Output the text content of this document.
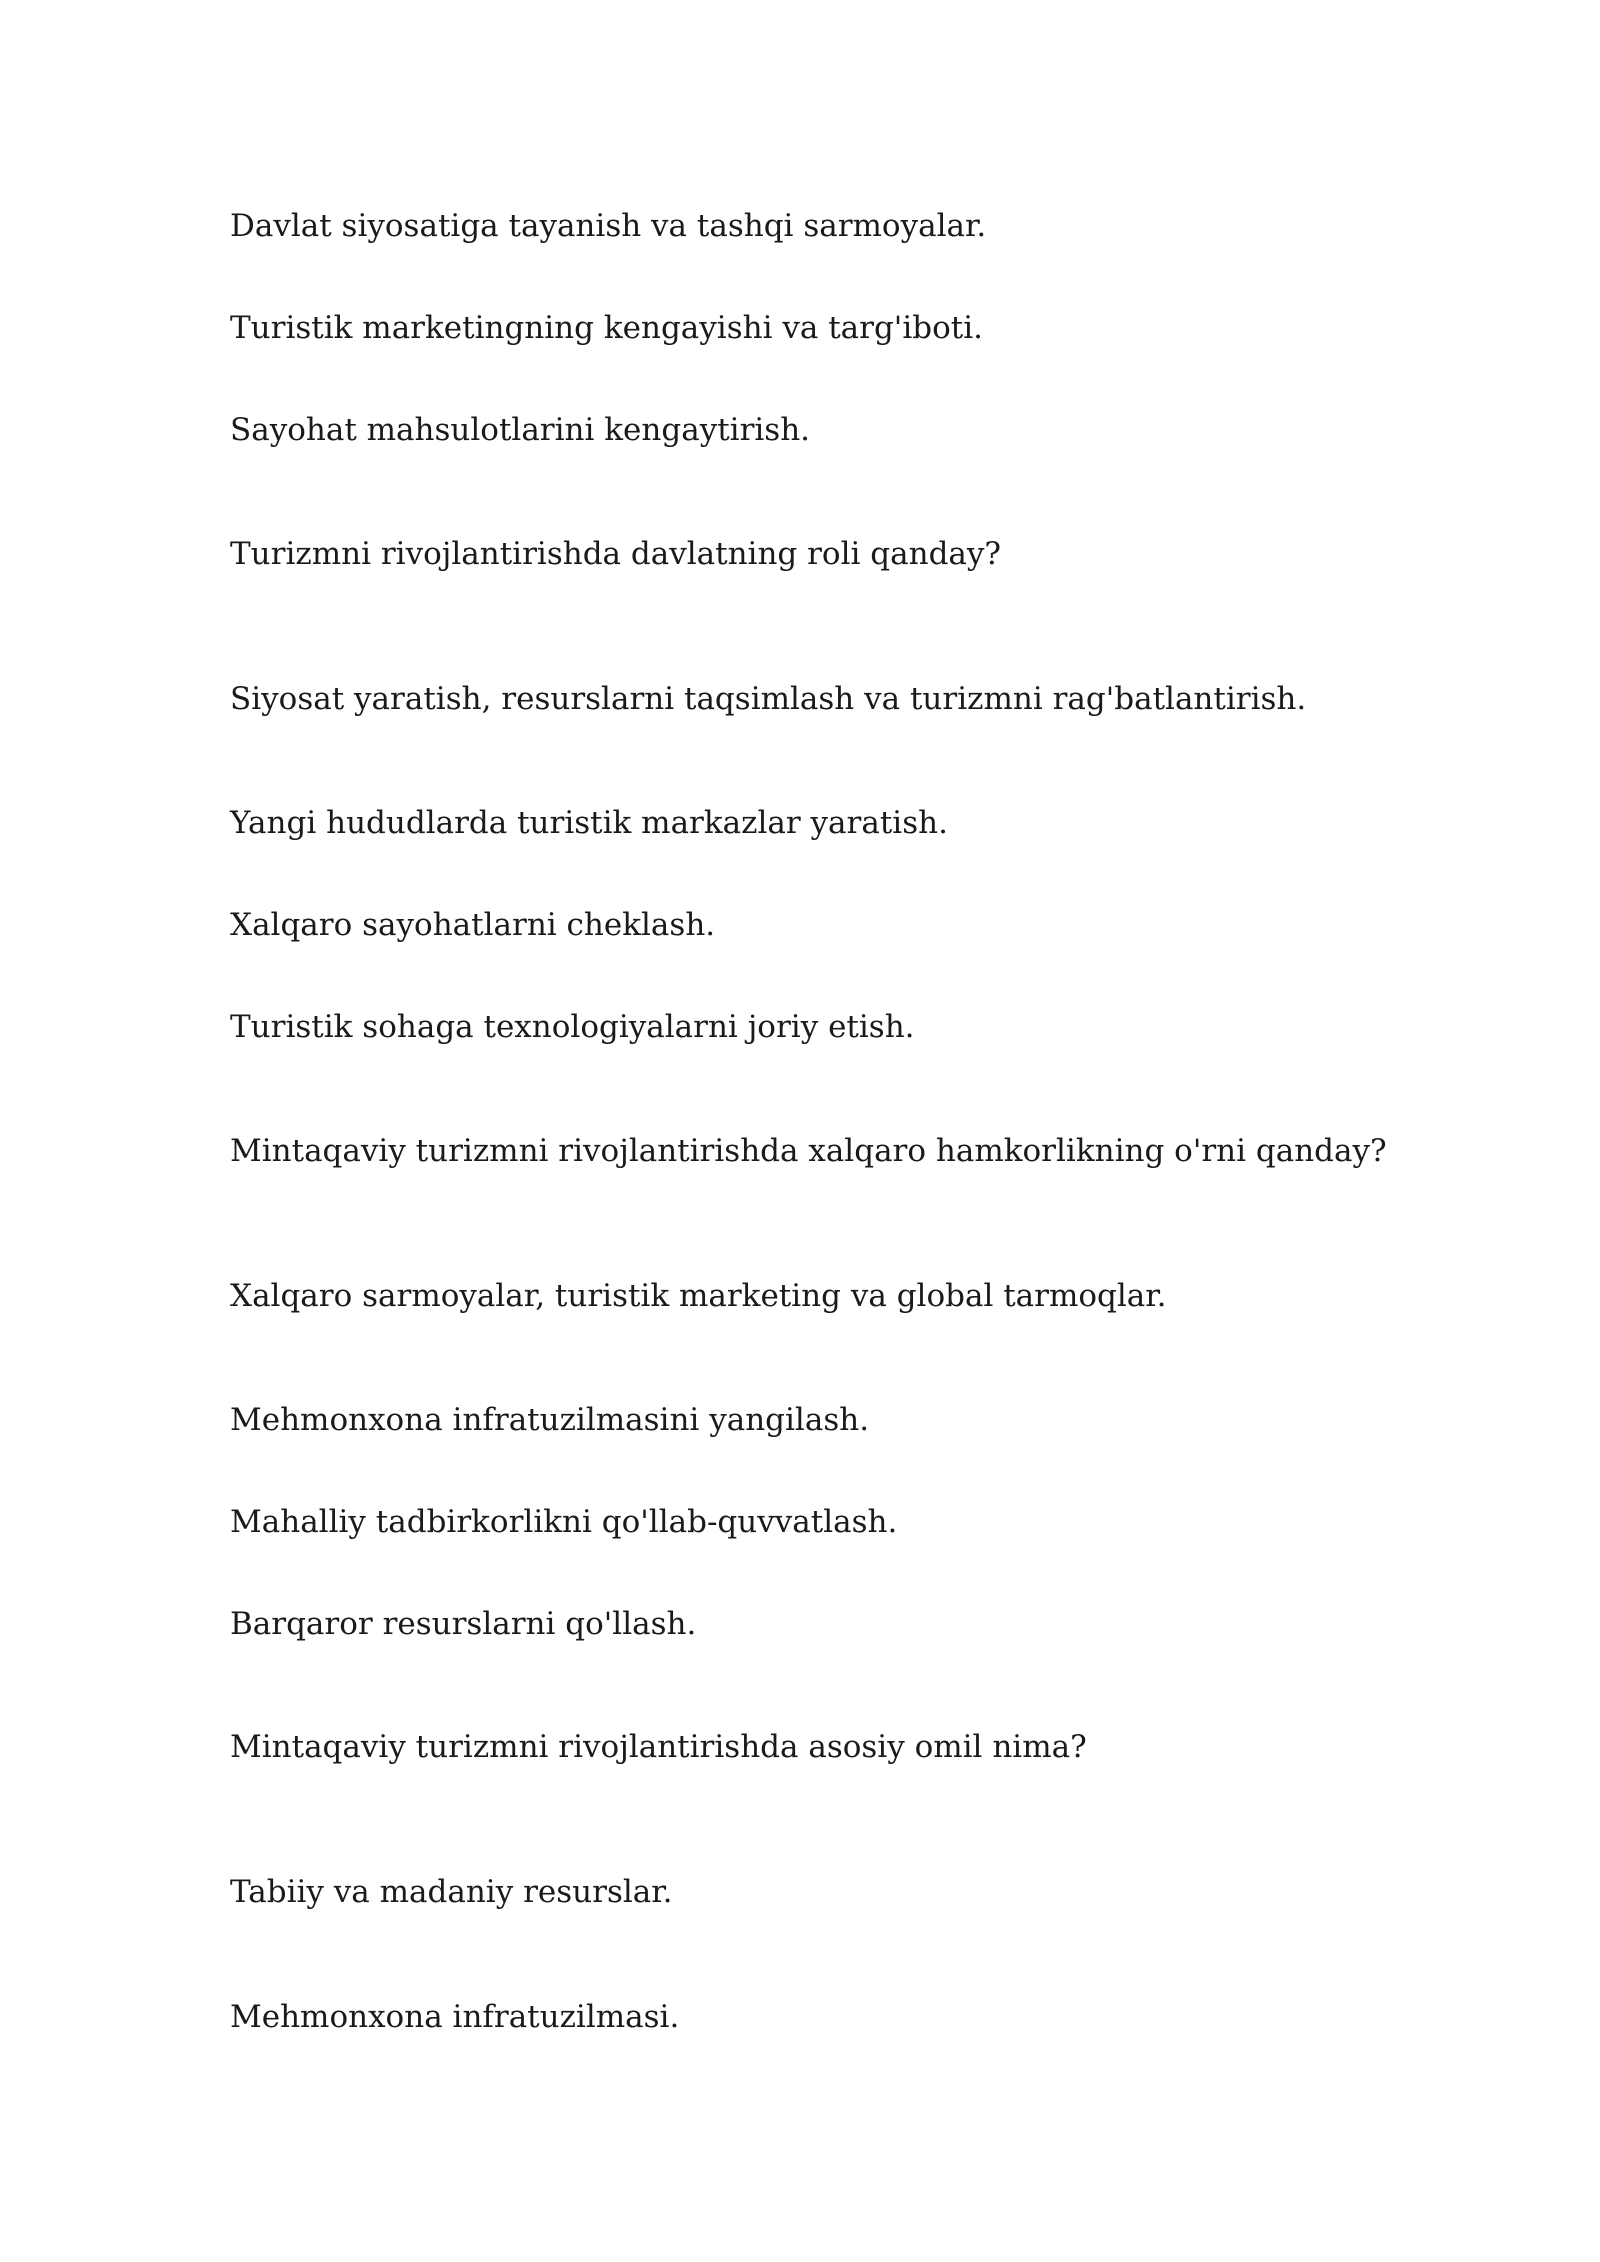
Davlat siyosatiga tayanish va tashqi sarmoyalar.

Turistik marketingning kengayishi va targ'iboti.

Sayohat mahsulotlarini kengaytirish.

Turizmni rivojlantirishda davlatning roli qanday?

Siyosat yaratish, resurslarni taqsimlash va turizmni rag'batlantirish.

Yangi hududlarda turistik markazlar yaratish.

Xalqaro sayohatlarni cheklash.

Turistik sohaga texnologiyalarni joriy etish.

Mintaqaviy turizmni rivojlantirishda xalqaro hamkorlikning o'rni qanday?

Xalqaro sarmoyalar, turistik marketing va global tarmoqlar.

Mehmonxona infratuzilmasini yangilash.

Mahalliy tadbirkorlikni qo'llab-quvvatlash.

Barqaror resurslarni qo'llash.

Mintaqaviy turizmni rivojlantirishda asosiy omil nima?

Tabiiy va madaniy resurslar.

Mehmonxona infratuzilmasi.
